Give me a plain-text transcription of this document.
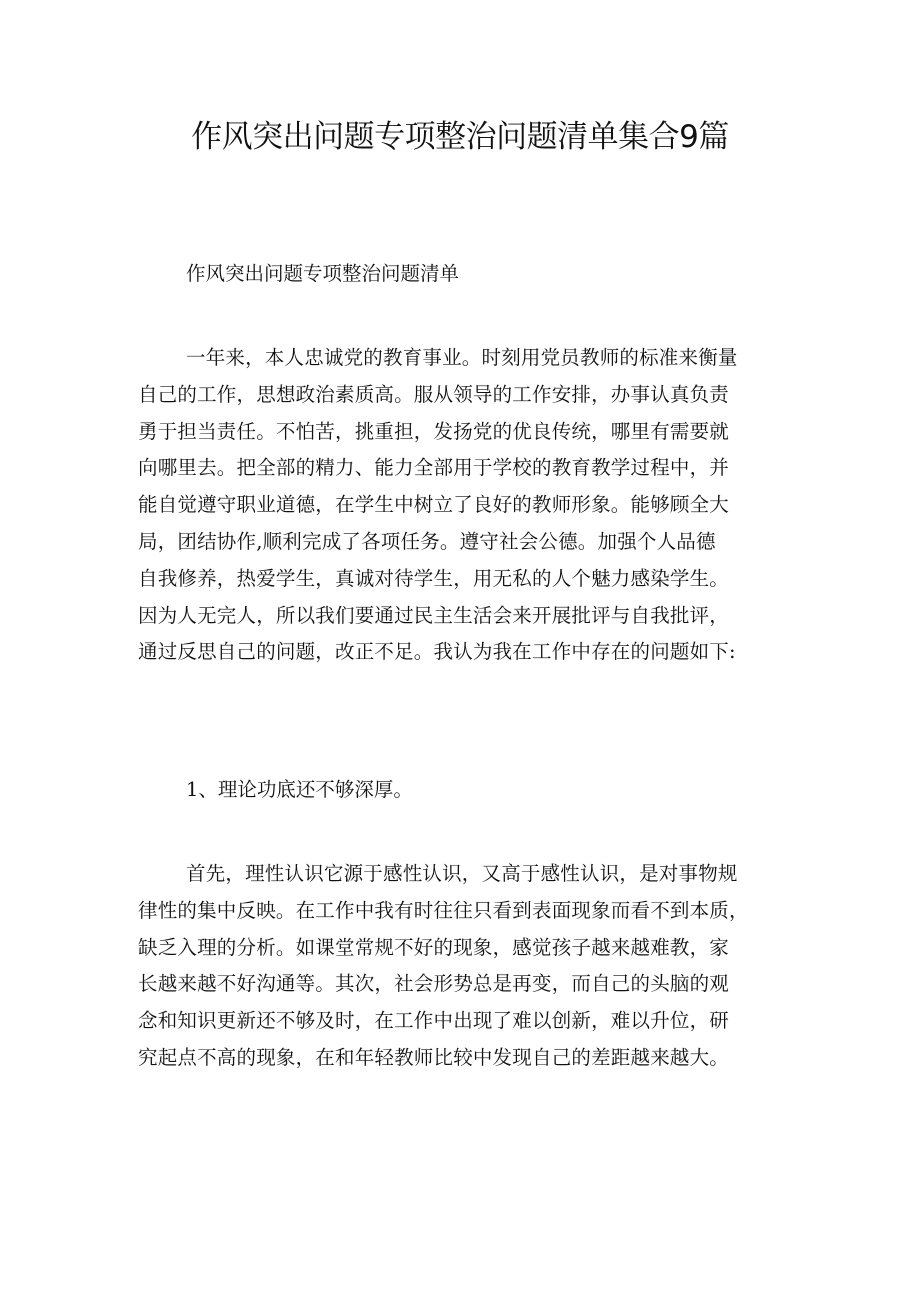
作风突出问题专项整治问题清单集合9篇

作风突出问题专项整治问题清单

一年来，本人忠诚党的教育事业。时刻用党员教师的标准来衡量
自己的工作，思想政治素质高。服从领导的工作安排，办事认真负责
勇于担当责任。不怕苦，挑重担，发扬党的优良传统，哪里有需要就
向哪里去。把全部的精力、能力全部用于学校的教育教学过程中，并
能自觉遵守职业道德，在学生中树立了良好的教师形象。能够顾全大
局，团结协作,顺利完成了各项任务。遵守社会公德。加强个人品德
自我修养，热爱学生，真诚对待学生，用无私的人个魅力感染学生。
因为人无完人，所以我们要通过民主生活会来开展批评与自我批评，
通过反思自己的问题，改正不足。我认为我在工作中存在的问题如下:

1、理论功底还不够深厚。

首先，理性认识它源于感性认识，又高于感性认识，是对事物规
律性的集中反映。在工作中我有时往往只看到表面现象而看不到本质，
缺乏入理的分析。如课堂常规不好的现象，感觉孩子越来越难教，家
长越来越不好沟通等。其次，社会形势总是再变，而自己的头脑的观
念和知识更新还不够及时，在工作中出现了难以创新，难以升位，研
究起点不高的现象，在和年轻教师比较中发现自己的差距越来越大。
